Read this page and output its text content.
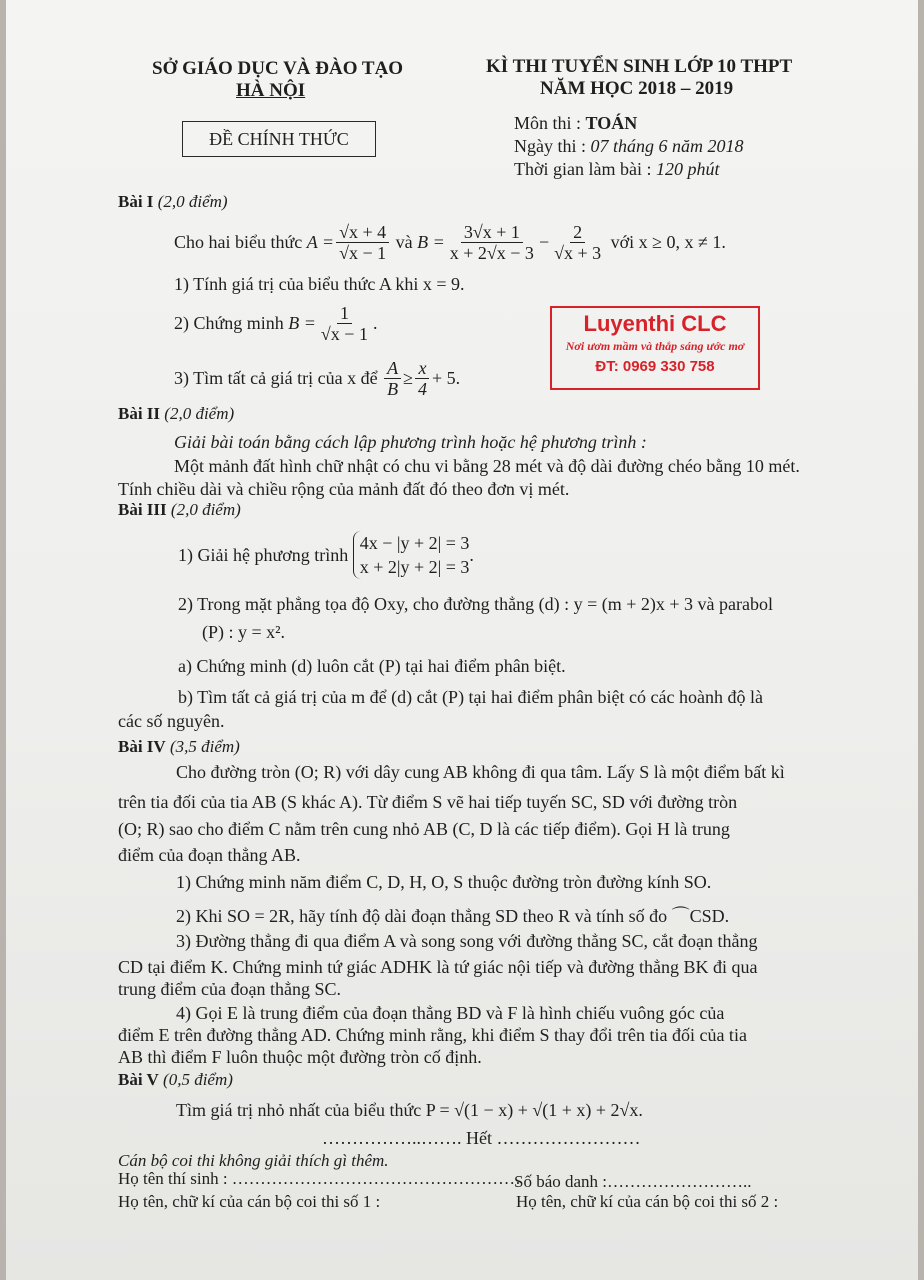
SỞ GIÁO DỤC VÀ ĐÀO TẠO
HÀ NỘI
ĐỀ CHÍNH THỨC
KÌ THI TUYỂN SINH LỚP 10 THPT
NĂM HỌC 2018 – 2019
Môn thi : TOÁN
Ngày thi : 07 tháng 6 năm 2018
Thời gian làm bài : 120 phút
Luyenthi CLC
Nơi ươm mầm và thắp sáng ước mơ
ĐT: 0969 330 758
Bài I (2,0 điểm)
Cho hai biểu thức
$A = \frac{√x + 4}{√x - 1}$
và
$B = \frac{3√x + 1}{x + 2√x - 3} - \frac{2}{√x + 3}$
với x ≥ 0, x ≠ 1.
1) Tính giá trị của biểu thức A khi x = 9.
2) Chứng minh
$B = \frac{1}{√x - 1}$ .
3) Tìm tất cả giá trị của x để
$\frac{A}{B} \ge \frac{x}{4} + 5$.
Bài II (2,0 điểm)
Giải bài toán bằng cách lập phương trình hoặc hệ phương trình :
Một mảnh đất hình chữ nhật có chu vi bằng 28 mét và độ dài đường chéo bằng 10 mét.
Tính chiều dài và chiều rộng của mảnh đất đó theo đơn vị mét.
Bài III (2,0 điểm)
1) Giải hệ phương trình

4x − |y + 2| = 3
x + 2|y + 2| = 3
.
2) Trong mặt phẳng tọa độ Oxy, cho đường thẳng (d) : y = (m + 2)x + 3 và parabol
(P) : y = x².
a) Chứng minh (d) luôn cắt (P) tại hai điểm phân biệt.
b) Tìm tất cả giá trị của m để (d) cắt (P) tại hai điểm phân biệt có các hoành độ là
các số nguyên.
Bài IV (3,5 điểm)
Cho đường tròn (O; R) với dây cung AB không đi qua tâm. Lấy S là một điểm bất kì
trên tia đối của tia AB (S khác A). Từ điểm S vẽ hai tiếp tuyến SC, SD với đường tròn
(O; R) sao cho điểm C nằm trên cung nhỏ AB (C, D là các tiếp điểm). Gọi H là trung
điểm của đoạn thẳng AB.
1) Chứng minh năm điểm C, D, H, O, S thuộc đường tròn đường kính SO.
2) Khi SO = 2R, hãy tính độ dài đoạn thẳng SD theo R và tính số đo ⌒CSD.
3) Đường thẳng đi qua điểm A và song song với đường thẳng SC, cắt đoạn thẳng
CD tại điểm K. Chứng minh tứ giác ADHK là tứ giác nội tiếp và đường thẳng BK đi qua
trung điểm của đoạn thẳng SC.
4) Gọi E là trung điểm của đoạn thẳng BD và F là hình chiếu vuông góc của
điểm E trên đường thẳng AD. Chứng minh rằng, khi điểm S thay đổi trên tia đối của tia
AB thì điểm F luôn thuộc một đường tròn cố định.
Bài V (0,5 điểm)
Tìm giá trị nhỏ nhất của biểu thức P = √(1 − x) + √(1 + x) + 2√x.
……………..……. Hết ……………………
Cán bộ coi thi không giải thích gì thêm.
Họ tên thí sinh : ……………………………………………
Số báo danh :……………………..
Họ tên, chữ kí của cán bộ coi thi số 1 :	Họ tên, chữ kí của cán bộ coi thi số 2 :
